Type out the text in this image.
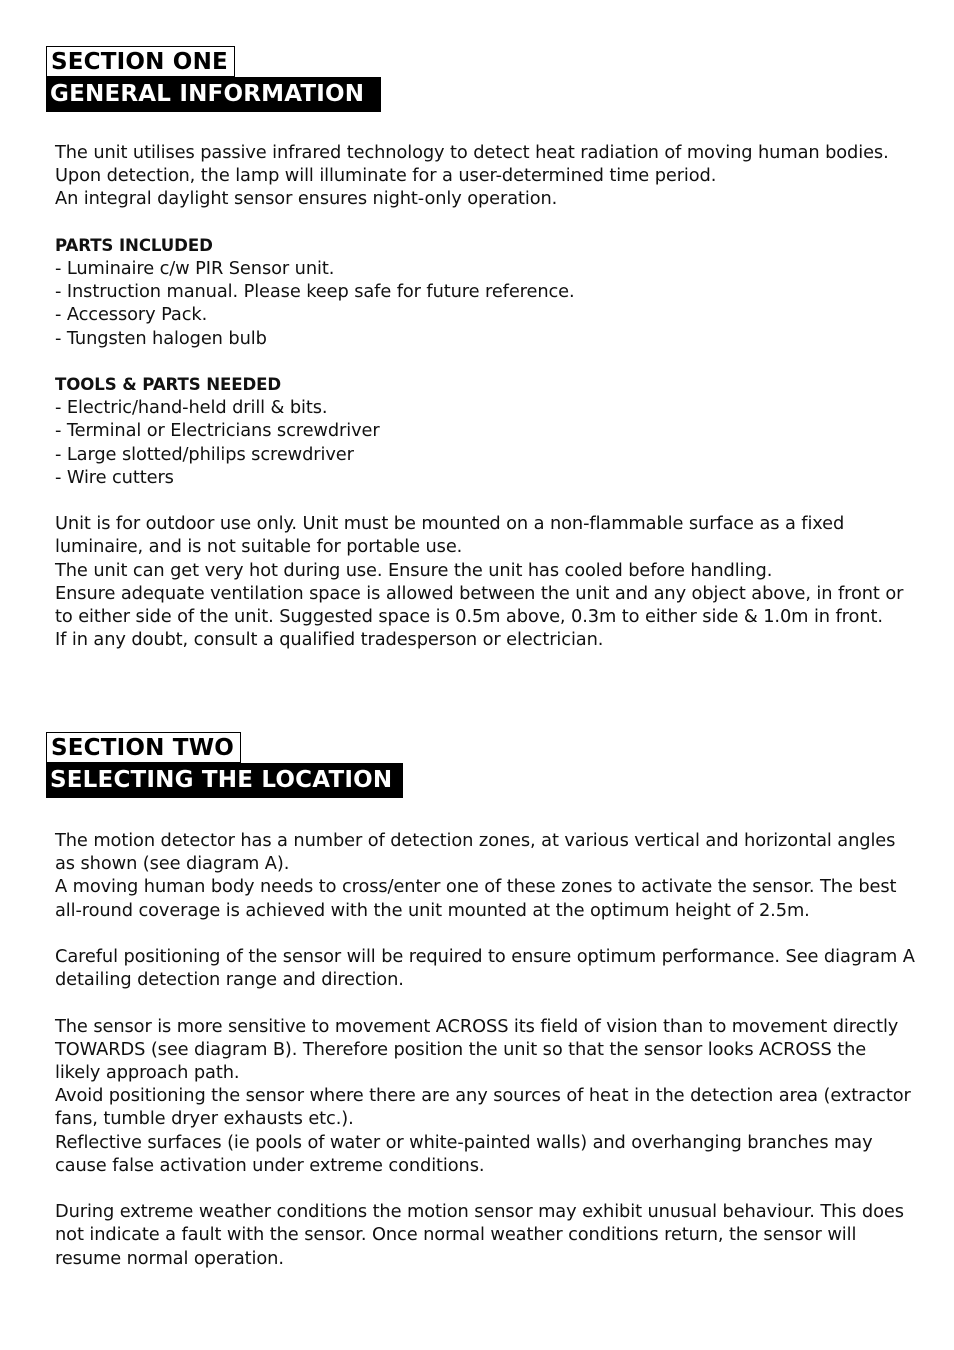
SECTION ONE
GENERAL INFORMATION

The unit utilises passive infrared technology to detect heat radiation of moving human bodies.

Upon detection, the lamp will illuminate for a user-determined time period.

An integral daylight sensor ensures night-only operation.

PARTS INCLUDED

- Luminaire c/w PIR Sensor unit.

- Instruction manual. Please keep safe for future reference.

- Accessory Pack.

- Tungsten halogen bulb

TOOLS & PARTS NEEDED

- Electric/hand-held drill & bits.

- Terminal or Electricians screwdriver

- Large slotted/philips screwdriver

- Wire cutters

Unit is for outdoor use only. Unit must be mounted on a non-flammable surface as a fixed luminaire, and is not suitable for portable use.

The unit can get very hot during use. Ensure the unit has cooled before handling.

Ensure adequate ventilation space is allowed between the unit and any object above, in front or to either side of the unit. Suggested space is 0.5m above, 0.3m to either side & 1.0m in front.

If in any doubt, consult a qualified tradesperson or electrician.

SECTION TWO
SELECTING THE LOCATION

The motion detector has a number of detection zones, at various vertical and horizontal angles as shown (see diagram A).

A moving human body needs to cross/enter one of these zones to activate the sensor. The best all-round coverage is achieved with the unit mounted at the optimum height of 2.5m.

Careful positioning of the sensor will be required to ensure optimum performance. See diagram A detailing detection range and direction.

The sensor is more sensitive to movement ACROSS its field of vision than to movement directly TOWARDS (see diagram B). Therefore position the unit so that the sensor looks ACROSS the likely approach path.

Avoid positioning the sensor where there are any sources of heat in the detection area (extractor fans, tumble dryer exhausts etc.).

Reflective surfaces (ie pools of water or white-painted walls) and overhanging branches may cause false activation under extreme conditions.

During extreme weather conditions the motion sensor may exhibit unusual behaviour. This does not indicate a fault with the sensor. Once normal weather conditions return, the sensor will resume normal operation.
